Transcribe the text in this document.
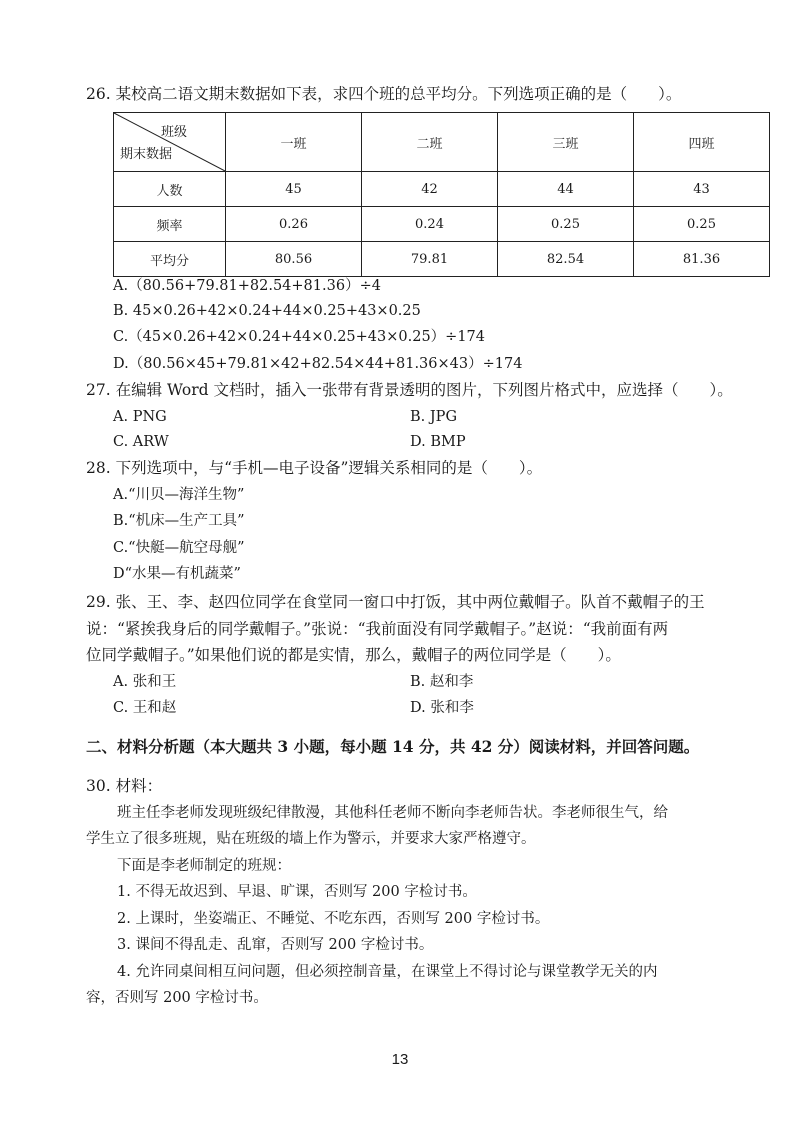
26. 某校高二语文期末数据如下表，求四个班的总平均分。下列选项正确的是（　　）。
班级
期末数据	一班	二班	三班	四班
人数	45	42	44	43
频率	0.26	0.24	0.25	0.25
平均分	80.56	79.81	82.54	81.36
A.（80.56+79.81+82.54+81.36）÷4
B. 45×0.26+42×0.24+44×0.25+43×0.25
C.（45×0.26+42×0.24+44×0.25+43×0.25）÷174
D.（80.56×45+79.81×42+82.54×44+81.36×43）÷174
27. 在编辑 Word 文档时，插入一张带有背景透明的图片，下列图片格式中，应选择（　　）。
A. PNG	B. JPG
C. ARW	D. BMP
28. 下列选项中，与“手机—电子设备”逻辑关系相同的是（　　）。
A.“川贝—海洋生物”
B.“机床—生产工具”
C.“快艇—航空母舰”
D“水果—有机蔬菜”
29. 张、王、李、赵四位同学在食堂同一窗口中打饭，其中两位戴帽子。队首不戴帽子的王
说：“紧挨我身后的同学戴帽子。”张说：“我前面没有同学戴帽子。”赵说：“我前面有两
位同学戴帽子。”如果他们说的都是实情，那么，戴帽子的两位同学是（　　）。
A. 张和王	B. 赵和李
C. 王和赵	D. 张和李
二、材料分析题（本大题共 3 小题，每小题 14 分，共 42 分）阅读材料，并回答问题。
30. 材料：
班主任李老师发现班级纪律散漫，其他科任老师不断向李老师告状。李老师很生气，给
学生立了很多班规，贴在班级的墙上作为警示，并要求大家严格遵守。
下面是李老师制定的班规：
1. 不得无故迟到、早退、旷课，否则写 200 字检讨书。
2. 上课时，坐姿端正、不睡觉、不吃东西，否则写 200 字检讨书。
3. 课间不得乱走、乱窜，否则写 200 字检讨书。
4. 允许同桌间相互问问题，但必须控制音量，在课堂上不得讨论与课堂教学无关的内
容，否则写 200 字检讨书。
13
